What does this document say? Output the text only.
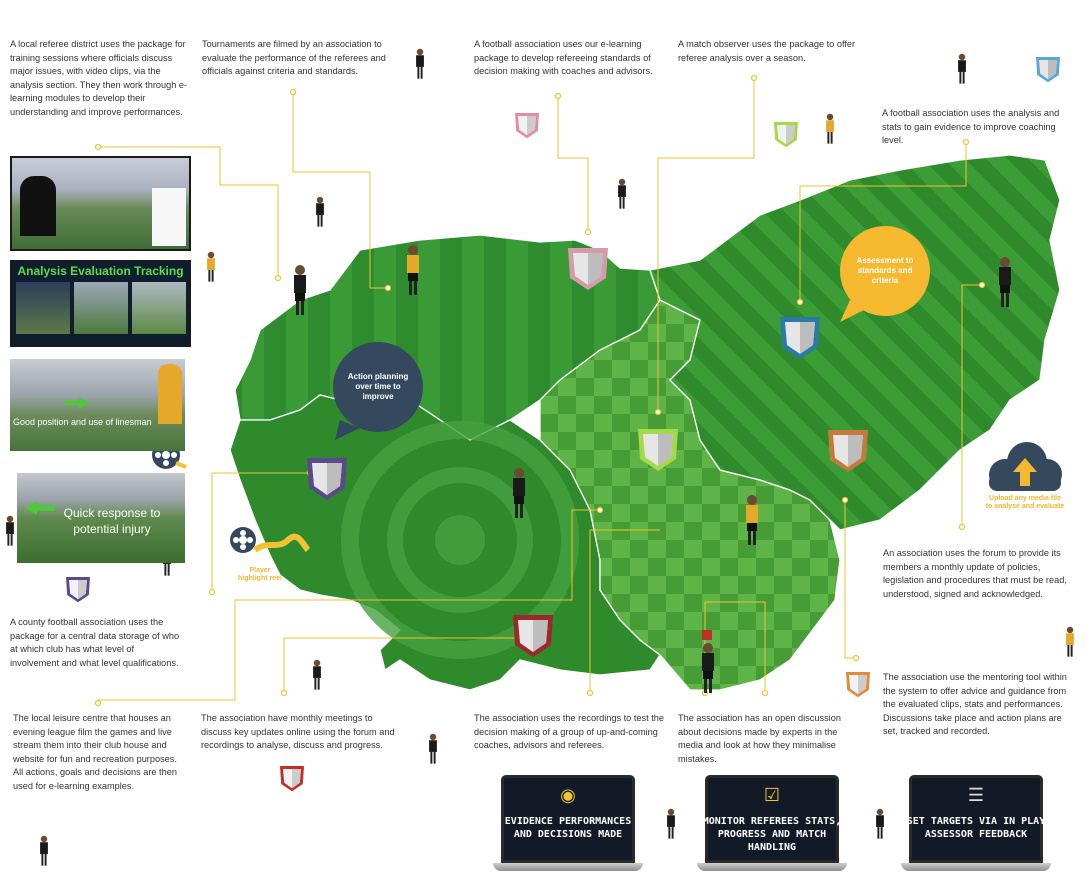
A local referee district uses the package for training sessions where officials discuss major issues, with video clips, via the analysis section. They then work through e-learning modules to develop their understanding and improve performances.
Tournaments are filmed by an association to evaluate the performance of the referees and officials against criteria and standards.
A football association uses our e-learning package to develop refereeing standards of decision making with coaches and advisors.
A match observer uses the package to offer referee analysis over a season.
A football association uses the analysis and stats to gain evidence to improve coaching level.
An association uses the forum to provide its members a monthly update of policies, legislation and procedures that must be read, understood, signed and acknowledged.
The association use the mentoring tool within the system to offer advice and guidance from the evaluated clips, stats and performances. Discussions take place and action plans are set, tracked and recorded.
A county football association uses the package for a central data storage of who at which club has what level of involvement and what level qualifications.
The local leisure centre that houses an evening league film the games and live stream them into their club house and website for fun and recreation purposes. All actions, goals and decisions are then used for e-learning examples.
The association have monthly meetings to discuss key updates online using the forum and recordings to analyse, discuss and progress.
The association uses the recordings to test the decision making of a group of up-and-coming coaches, advisors and referees.
The association has an open discussion about decisions made by experts in the media and look at how they minimalise mistakes.
Analysis Evaluation Tracking
Good position and use of linesman
Quick response to potential injury
Action planning over time to improve
Assessment to standards and criteria
Player highlight reel
Upload any media file to analyse and evaluate
◉
EVIDENCE PERFORMANCES AND DECISIONS MADE
☑
MONITOR REFEREES STATS, PROGRESS AND MATCH HANDLING
☰
SET TARGETS VIA IN PLAY ASSESSOR FEEDBACK
